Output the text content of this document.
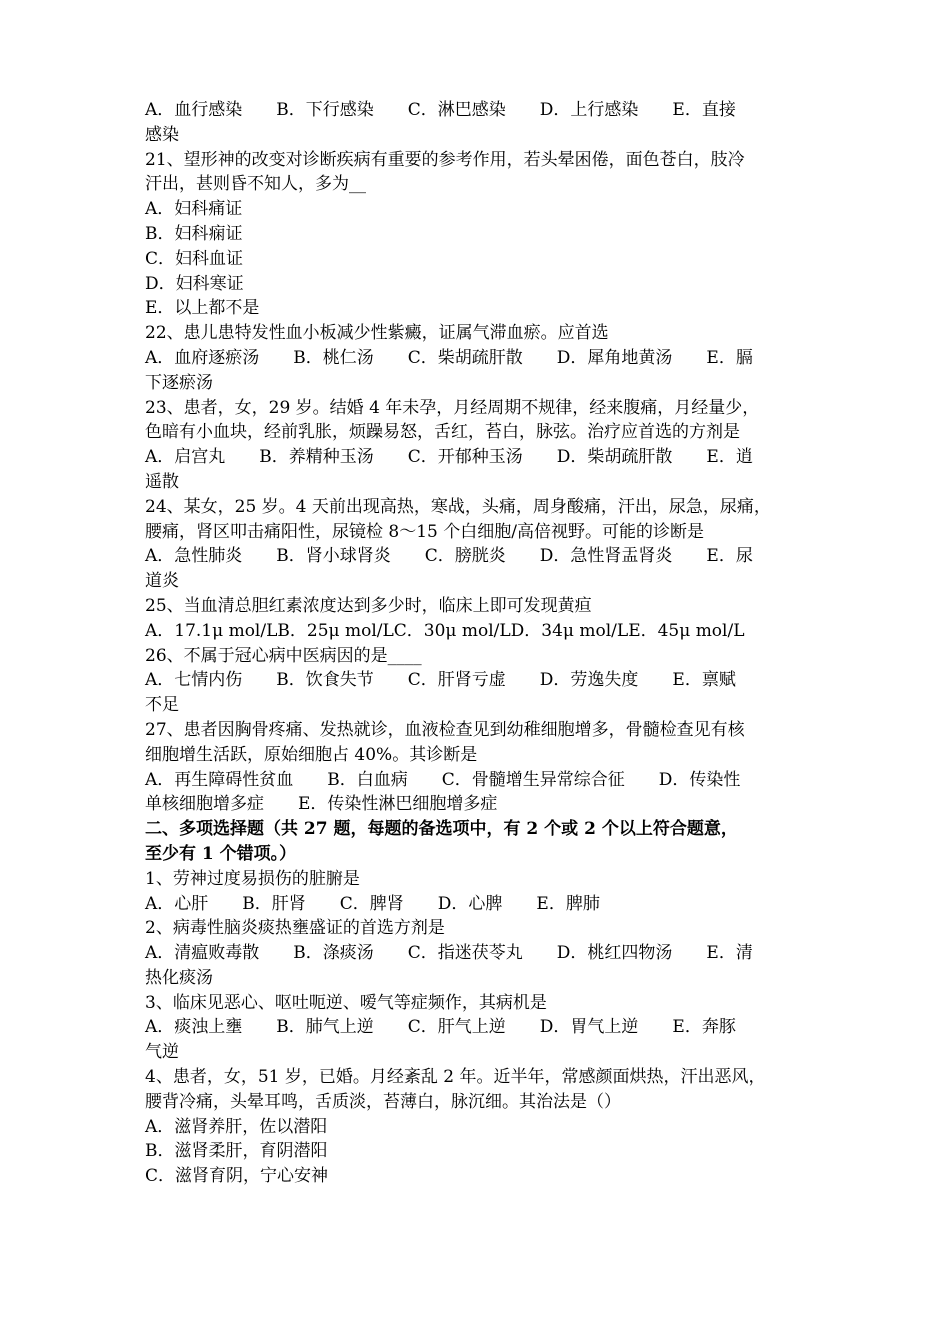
A．血行感染　　B．下行感染　　C．淋巴感染　　D．上行感染　　E．直接
感染
21、望形神的改变对诊断疾病有重要的参考作用，若头晕困倦，面色苍白，肢冷
汗出，甚则昏不知人，多为__
A．妇科痛证
B．妇科痫证
C．妇科血证
D．妇科寒证
E．以上都不是
22、患儿患特发性血小板减少性紫癜，证属气滞血瘀。应首选
A．血府逐瘀汤　　B．桃仁汤　　C．柴胡疏肝散　　D．犀角地黄汤　　E．膈
下逐瘀汤
23、患者，女，29 岁。结婚 4 年未孕，月经周期不规律，经来腹痛，月经量少，
色暗有小血块，经前乳胀，烦躁易怒，舌红，苔白，脉弦。治疗应首选的方剂是
A．启宫丸　　B．养精种玉汤　　C．开郁种玉汤　　D．柴胡疏肝散　　E．逍
遥散
24、某女，25 岁。4 天前出现高热，寒战，头痛，周身酸痛，汗出，尿急，尿痛，
腰痛，肾区叩击痛阳性，尿镜检 8～15 个白细胞/高倍视野。可能的诊断是
A．急性肺炎　　B．肾小球肾炎　　C．膀胱炎　　D．急性肾盂肾炎　　E．尿
道炎
25、当血清总胆红素浓度达到多少时，临床上即可发现黄疸
A．17.1μ mol/LB．25μ mol/LC．30μ mol/LD．34μ mol/LE．45μ mol/L
26、不属于冠心病中医病因的是____
A．七情内伤　　B．饮食失节　　C．肝肾亏虚　　D．劳逸失度　　E．禀赋
不足
27、患者因胸骨疼痛、发热就诊，血液检查见到幼稚细胞增多，骨髓检查见有核
细胞增生活跃，原始细胞占 40%。其诊断是
A．再生障碍性贫血　　B．白血病　　C．骨髓增生异常综合征　　D．传染性
单核细胞增多症　　E．传染性淋巴细胞增多症
二、多项选择题（共 27 题，每题的备选项中，有 2 个或 2 个以上符合题意，
至少有 1 个错项。）
1、劳神过度易损伤的脏腑是
A．心肝　　B．肝肾　　C．脾肾　　D．心脾　　E．脾肺
2、病毒性脑炎痰热壅盛证的首选方剂是
A．清瘟败毒散　　B．涤痰汤　　C．指迷茯苓丸　　D．桃红四物汤　　E．清
热化痰汤
3、临床见恶心、呕吐呃逆、嗳气等症频作，其病机是
A．痰浊上壅　　B．肺气上逆　　C．肝气上逆　　D．胃气上逆　　E．奔豚
气逆
4、患者，女，51 岁，已婚。月经紊乱 2 年。近半年，常感颜面烘热，汗出恶风，
腰背冷痛，头晕耳鸣，舌质淡，苔薄白，脉沉细。其治法是（）
A．滋肾养肝，佐以潜阳
B．滋肾柔肝，育阴潜阳
C．滋肾育阴，宁心安神
